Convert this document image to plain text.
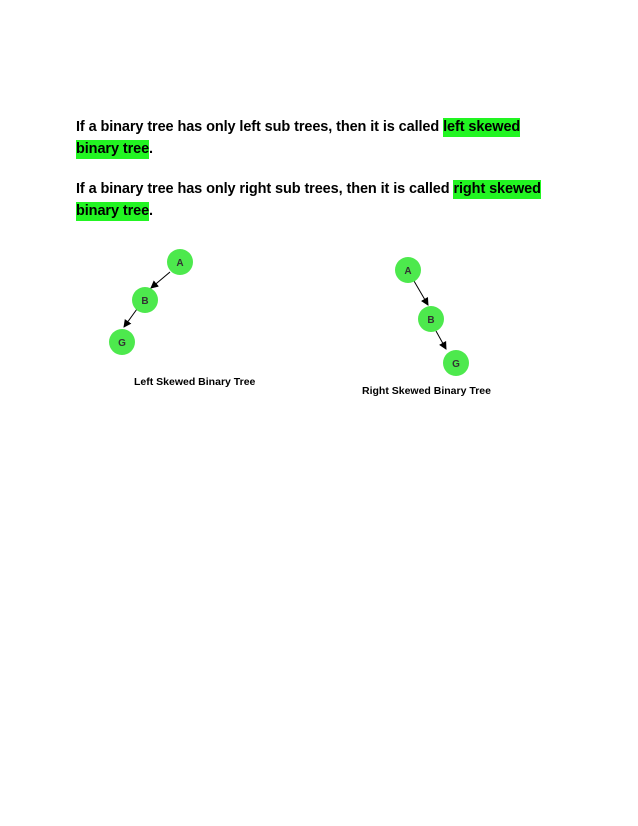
If a binary tree has only left sub trees, then it is called left skewed binary tree.
If a binary tree has only right sub trees, then it is called right skewed binary tree.
A
B
G
A
B
G
Left Skewed Binary Tree
Right Skewed Binary Tree
